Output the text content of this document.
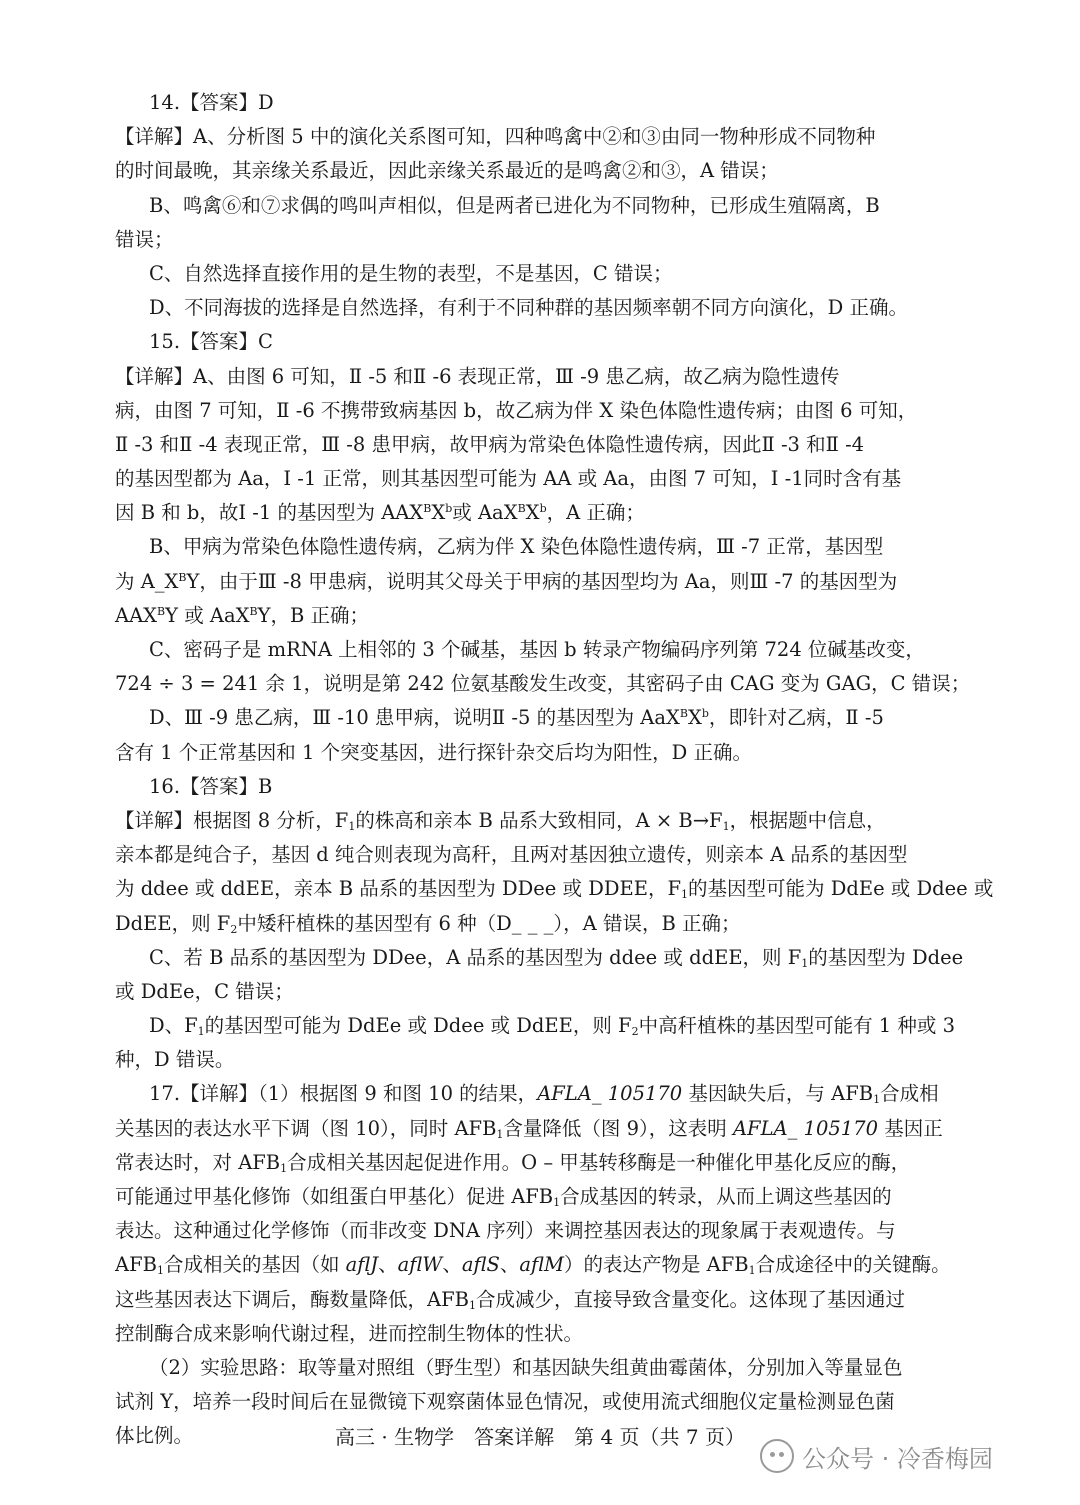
14.【答案】D
【详解】A、分析图 5 中的演化关系图可知，四种鸣禽中②和③由同一物种形成不同物种
的时间最晚，其亲缘关系最近，因此亲缘关系最近的是鸣禽②和③，A 错误；
B、鸣禽⑥和⑦求偶的鸣叫声相似，但是两者已进化为不同物种，已形成生殖隔离，B
错误；
C、自然选择直接作用的是生物的表型，不是基因，C 错误；
D、不同海拔的选择是自然选择，有利于不同种群的基因频率朝不同方向演化，D 正确。
15.【答案】C
【详解】A、由图 6 可知，Ⅱ -5 和Ⅱ -6 表现正常，Ⅲ -9 患乙病，故乙病为隐性遗传
病，由图 7 可知，Ⅱ -6 不携带致病基因 b，故乙病为伴 X 染色体隐性遗传病；由图 6 可知，
Ⅱ -3 和Ⅱ -4 表现正常，Ⅲ -8 患甲病，故甲病为常染色体隐性遗传病，因此Ⅱ -3 和Ⅱ -4
的基因型都为 Aa，Ⅰ -1 正常，则其基因型可能为 AA 或 Aa，由图 7 可知，Ⅰ -1同时含有基
因 B 和 b，故Ⅰ -1 的基因型为 $AAX^BX^b$或 $AaX^BX^b$，A 正确；
B、甲病为常染色体隐性遗传病，乙病为伴 X 染色体隐性遗传病，Ⅲ -7 正常，基因型
为 $A\_X^BY$，由于Ⅲ -8 甲患病，说明其父母关于甲病的基因型均为 Aa，则Ⅲ -7 的基因型为
$AAX^BY$ 或 AaX$^B$Y，B 正确；
C、密码子是 mRNA 上相邻的 3 个碱基，基因 b 转录产物编码序列第 724 位碱基改变，
724 ÷ 3 = 241 余 1，说明是第 242 位氨基酸发生改变，其密码子由 CAG 变为 GAG，C 错误；
D、Ⅲ -9 患乙病，Ⅲ -10 患甲病，说明Ⅱ -5 的基因型为 $AaX^BX^b$，即针对乙病，Ⅱ -5
含有 1 个正常基因和 1 个突变基因，进行探针杂交后均为阳性，D 正确。
16.【答案】B
【详解】根据图 8 分析，$F_1$的株高和亲本 B 品系大致相同，$A \times B\to F_1$，根据题中信息，
亲本都是纯合子，基因 d 纯合则表现为高秆，且两对基因独立遗传，则亲本 A 品系的基因型
为 ddee 或 ddEE，亲本 B 品系的基因型为 DDee 或 DDEE，$F_1$的基因型可能为 DdEe 或 Ddee 或
DdEE，则 $F_2$中矮秆植株的基因型有 6 种（D_ _ _），A 错误，B 正确；
C、若 B 品系的基因型为 DDee，A 品系的基因型为 ddee 或 ddEE，则 $F_1$的基因型为 Ddee
或 DdEe，C 错误；
D、$F_1$的基因型可能为 DdEe 或 Ddee 或 DdEE，则 $F_2$中高秆植株的基因型可能有 1 种或 3
种，D 错误。
17.【详解】（1）根据图 9 和图 10 的结果，AFLA_ 105170 基因缺失后，与 $AFB_1$合成相
关基因的表达水平下调（图 10），同时 $AFB_1$含量降低（图 9），这表明 AFLA_ 105170 基因正
常表达时，对 $AFB_1$合成相关基因起促进作用。O – 甲基转移酶是一种催化甲基化反应的酶，
可能通过甲基化修饰（如组蛋白甲基化）促进 $AFB_1$合成基因的转录，从而上调这些基因的
表达。这种通过化学修饰（而非改变 DNA 序列）来调控基因表达的现象属于表观遗传。与
$AFB_1$合成相关的基因（如 aflJ、aflW、aflS、aflM）的表达产物是 $AFB_1$合成途径中的关键酶。
这些基因表达下调后，酶数量降低，$AFB_1$合成减少，直接导致含量变化。这体现了基因通过
控制酶合成来影响代谢过程，进而控制生物体的性状。
（2）实验思路：取等量对照组（野生型）和基因缺失组黄曲霉菌体，分别加入等量显色
试剂 Y，培养一段时间后在显微镜下观察菌体显色情况，或使用流式细胞仪定量检测显色菌
体比例。	高三 · 生物学　答案详解　第 4 页（共 7 页）
公众号 · 冷香梅园
